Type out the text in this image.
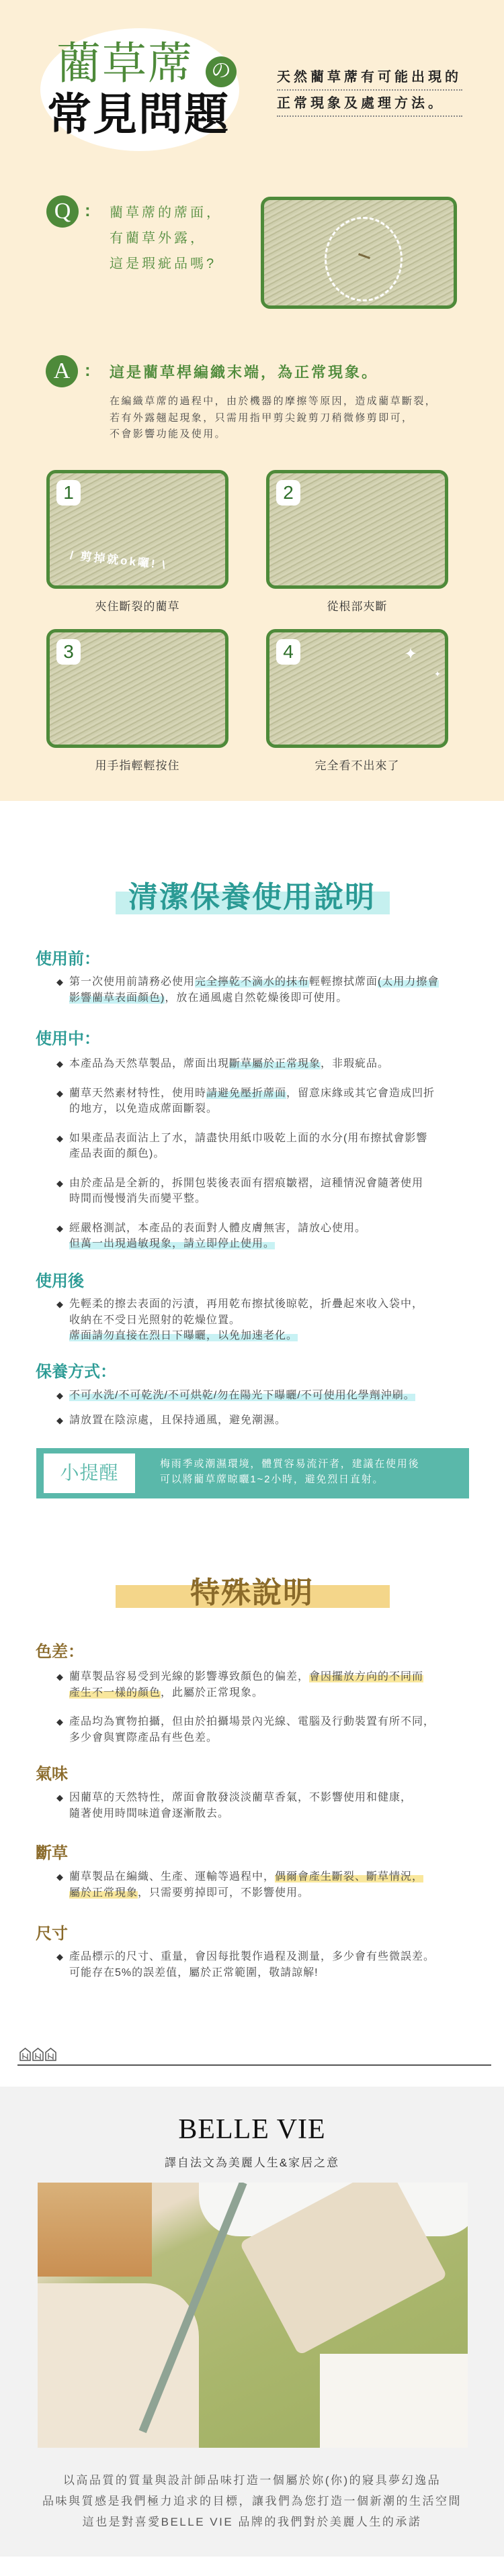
藺草蓆 の
常見問題
天然藺草蓆有可能出現的
正常現象及處理方法。
Q : 藺草蓆的蓆面，
有藺草外露，
這是瑕疵品嗎?
A : 這是藺草桿編織末端，為正常現象。
在編織草蓆的過程中，由於機器的摩擦等原因，造成藺草斷裂，
若有外露翹起現象，只需用指甲剪尖銳剪刀稍微修剪即可，
不會影響功能及使用。
1
/ 剪掉就ok囉! \
夾住斷裂的藺草
2
從根部夾斷
3
用手指輕輕按住
4	✦
✦
完全看不出來了
清潔保養使用說明
使用前：
◆ 第一次使用前請務必使用完全擰乾不滴水的抹布輕輕擦拭蓆面(太用力擦會
影響藺草表面顏色)，放在通風處自然乾燥後即可使用。
使用中：
◆ 本產品為天然草製品，蓆面出現斷草屬於正常現象，非瑕疵品。
◆ 藺草天然素材特性，使用時請避免壓折蓆面，留意床緣或其它會造成凹折
的地方，以免造成蓆面斷裂。
◆ 如果產品表面沾上了水，請盡快用紙巾吸乾上面的水分(用布擦拭會影響
產品表面的顏色)。
◆ 由於產品是全新的，拆開包裝後表面有摺痕皺褶，這種情況會隨著使用
時間而慢慢消失而變平整。
◆ 經嚴格測試，本產品的表面對人體皮膚無害，請放心使用。
但萬一出現過敏現象，請立即停止使用。
使用後
◆ 先輕柔的擦去表面的污漬，再用乾布擦拭後晾乾，折疊起來收入袋中，
收納在不受日光照射的乾燥位置。
蓆面請勿直接在烈日下曝曬，以免加速老化。
保養方式：
◆ 不可水洗/不可乾洗/不可烘乾/勿在陽光下曝曬/不可使用化學劑沖刷。
◆ 請放置在陰涼處，且保持通風，避免潮濕。
小提醒	梅雨季或潮濕環境，體質容易流汗者，建議在使用後
可以將藺草蓆晾曬1~2小時，避免烈日直射。
特殊說明
色差：
◆ 藺草製品容易受到光線的影響導致顏色的偏差，會因擺放方向的不同而
產生不一樣的顏色，此屬於正常現象。
◆ 產品均為實物拍攝，但由於拍攝場景內光線、電腦及行動裝置有所不同，
多少會與實際產品有些色差。
氣味
◆ 因藺草的天然特性，蓆面會散發淡淡藺草香氣，不影響使用和健康，
隨著使用時間味道會逐漸散去。
斷草
◆ 藺草製品在編織、生產、運輸等過程中，偶爾會產生斷裂、斷草情況，
屬於正常現象，只需要剪掉即可，不影響使用。
尺寸
◆ 產品標示的尺寸、重量，會因每批製作過程及測量，多少會有些微誤差。
可能存在5%的誤差值，屬於正常範圍，敬請諒解!
BELLE VIE
譯自法文為美麗人生&家居之意
以高品質的質量與設計師品味打造一個屬於妳(你)的寢具夢幻逸品
品味與質感是我們極力追求的目標，讓我們為您打造一個新潮的生活空間
這也是對喜愛BELLE VIE 品牌的我們對於美麗人生的承諾
